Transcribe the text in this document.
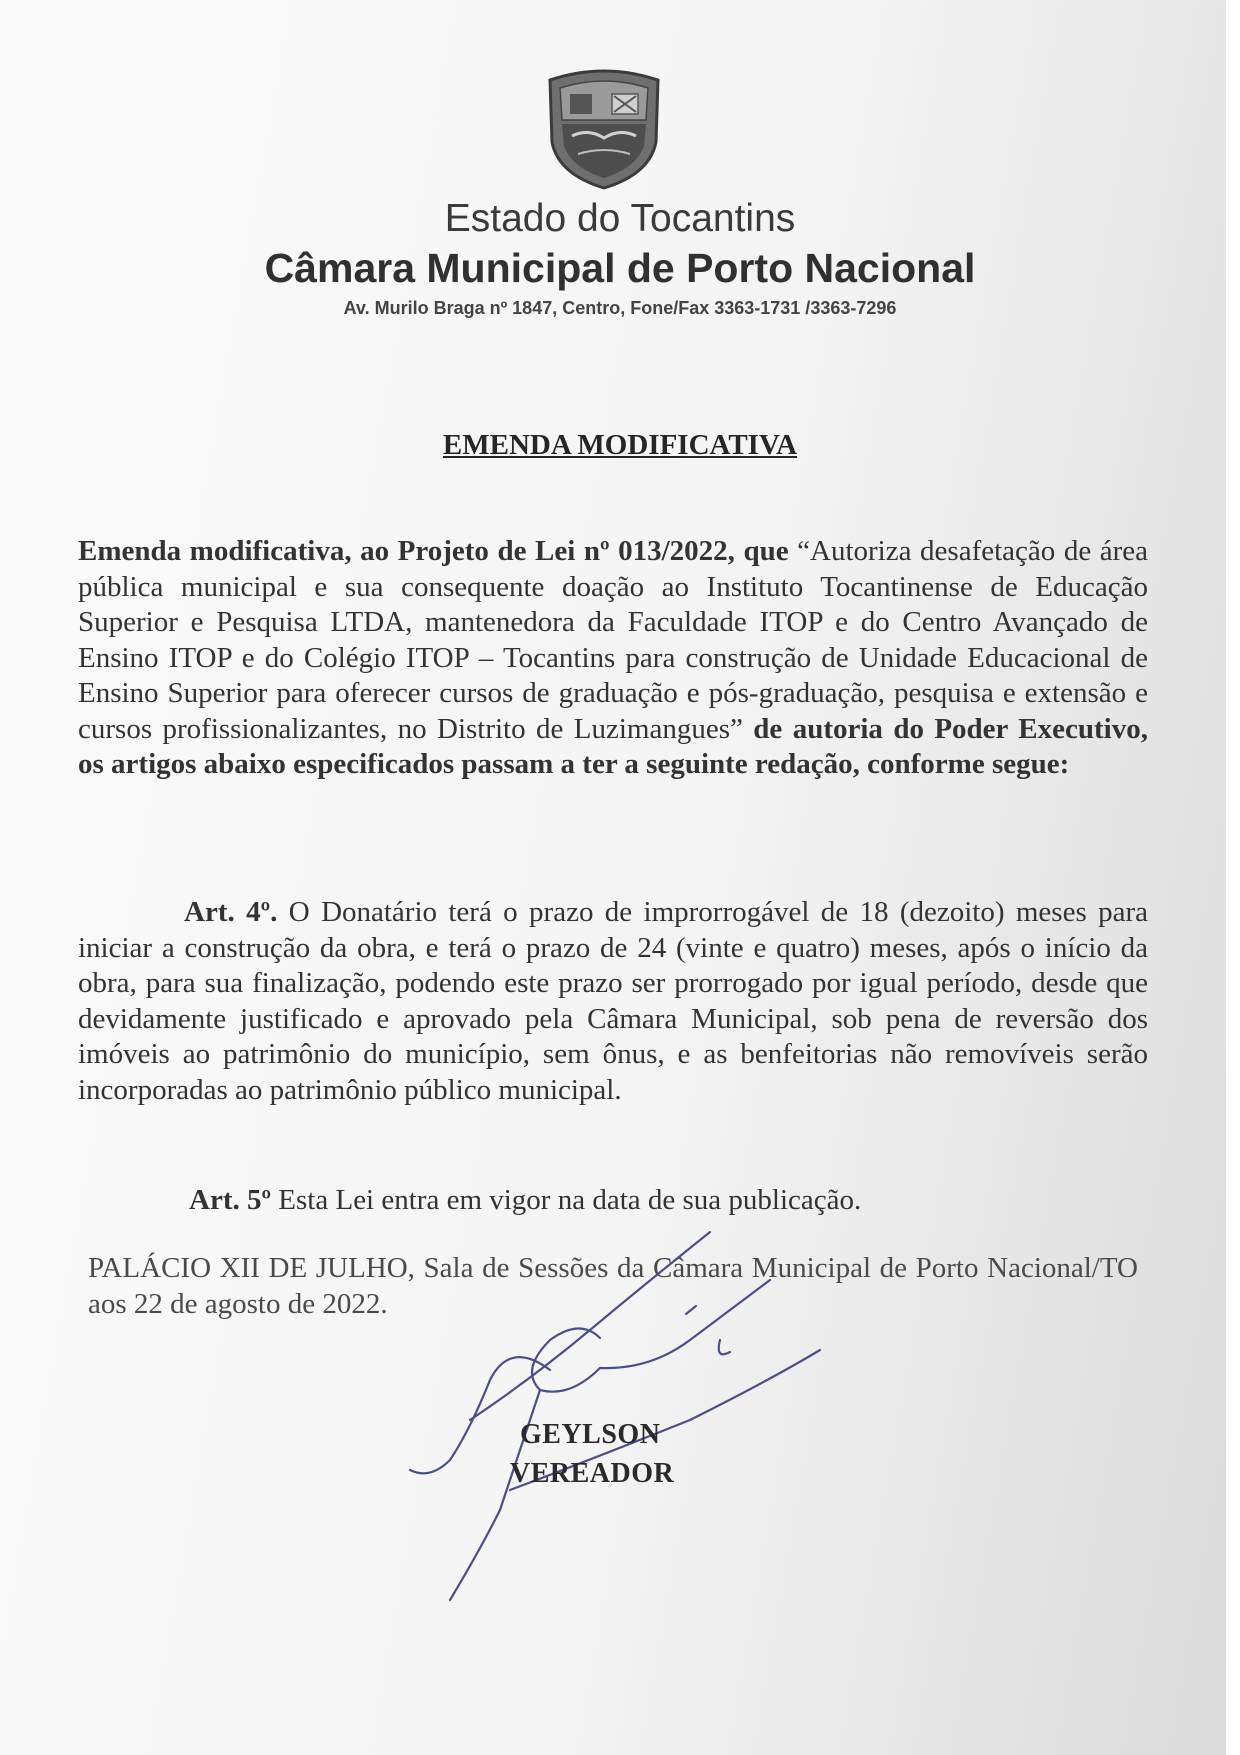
Estado do Tocantins
Câmara Municipal de Porto Nacional
Av. Murilo Braga nº 1847, Centro, Fone/Fax 3363-1731 /3363-7296
EMENDA MODIFICATIVA
Emenda modificativa, ao Projeto de Lei nº 013/2022, que “Autoriza desafetação de área pública municipal e sua consequente doação ao Instituto Tocantinense de Educação Superior e Pesquisa LTDA, mantenedora da Faculdade ITOP e do Centro Avançado de Ensino ITOP e do Colégio ITOP – Tocantins para construção de Unidade Educacional de Ensino Superior para oferecer cursos de graduação e pós-graduação, pesquisa e extensão e cursos profissionalizantes, no Distrito de Luzimangues” de autoria do Poder Executivo, os artigos abaixo especificados passam a ter a seguinte redação, conforme segue:
Art. 4º. O Donatário terá o prazo de improrrogável de 18 (dezoito) meses para iniciar a construção da obra, e terá o prazo de 24 (vinte e quatro) meses, após o início da obra, para sua finalização, podendo este prazo ser prorrogado por igual período, desde que devidamente justificado e aprovado pela Câmara Municipal, sob pena de reversão dos imóveis ao patrimônio do município, sem ônus, e as benfeitorias não removíveis serão incorporadas ao patrimônio público municipal.
Art. 5º Esta Lei entra em vigor na data de sua publicação.
PALÁCIO XII DE JULHO, Sala de Sessões da Câmara Municipal de Porto Nacional/TO aos 22 de agosto de 2022.
GEYLSON
VEREADOR
